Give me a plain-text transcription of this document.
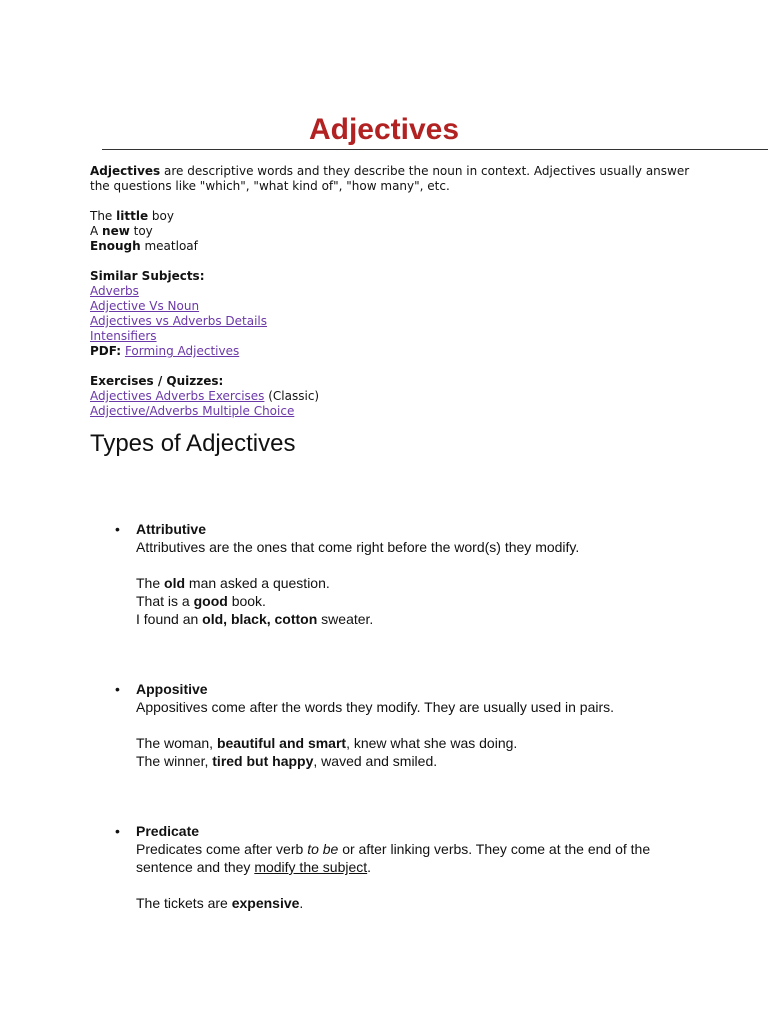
Adjectives

Adjectives are descriptive words and they describe the noun in context. Adjectives usually answer the questions like "which", "what kind of", "how many", etc.

The little boy

A new toy

Enough meatloaf

Similar Subjects:

Adverbs
Adjective Vs Noun
Adjectives vs Adverbs Details
Intensifiers

PDF: Forming Adjectives

Exercises / Quizzes:

Adjectives Adverbs Exercises (Classic)

Adjective/Adverbs Multiple Choice
Types of Adjectives
• Attributive

Attributives are the ones that come right before the word(s) they modify.

The old man asked a question.

That is a good book.

I found an old, black, cotton sweater.

• Appositive

Appositives come after the words they modify. They are usually used in pairs.

The woman, beautiful and smart, knew what she was doing.

The winner, tired but happy, waved and smiled.

• Predicate

Predicates come after verb to be or after linking verbs. They come at the end of the sentence and they modify the subject.

The tickets are expensive.
